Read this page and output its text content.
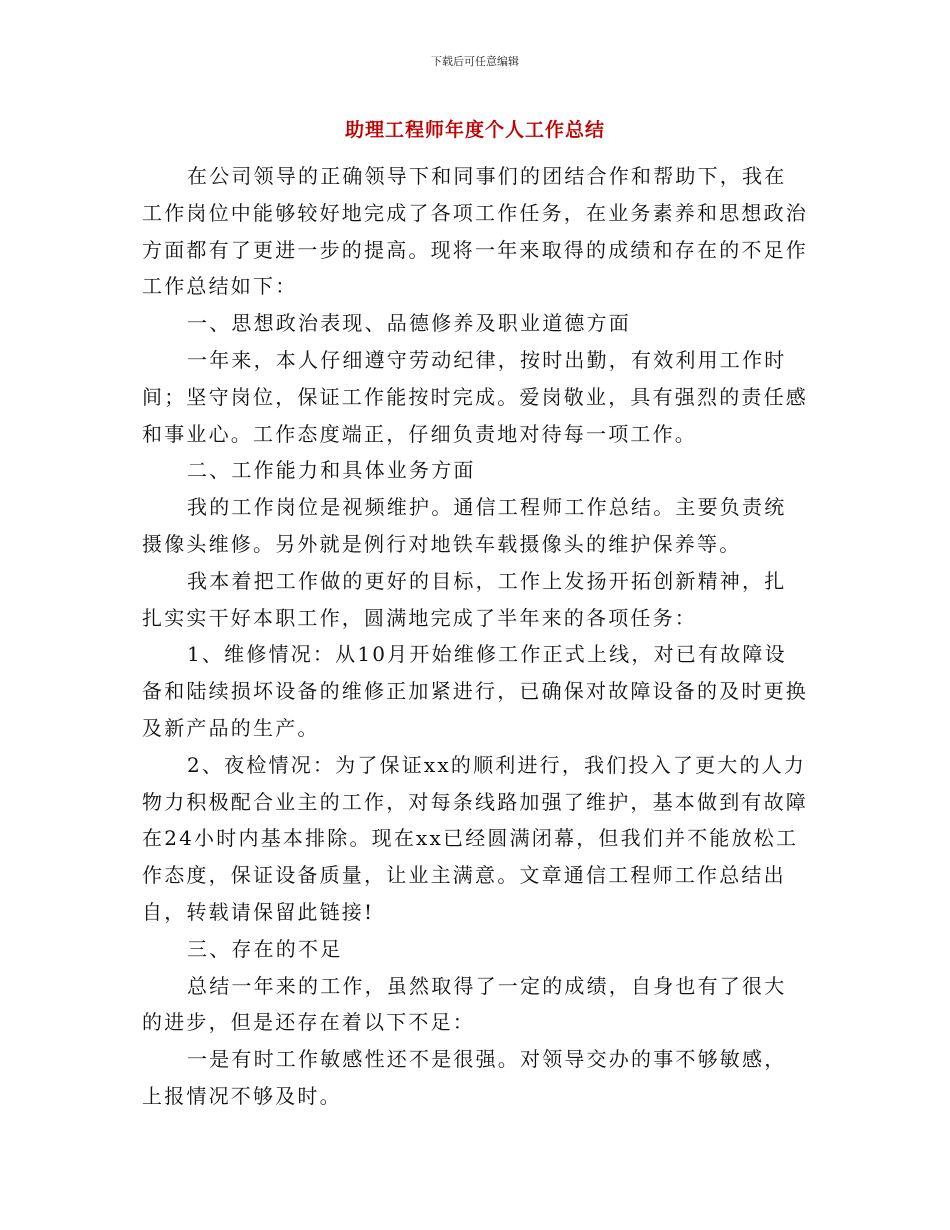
下载后可任意编辑
助理工程师年度个人工作总结

在公司领导的正确领导下和同事们的团结合作和帮助下，我在工作岗位中能够较好地完成了各项工作任务，在业务素养和思想政治方面都有了更进一步的提高。现将一年来取得的成绩和存在的不足作工作总结如下：

一、思想政治表现、品德修养及职业道德方面

一年来，本人仔细遵守劳动纪律，按时出勤，有效利用工作时间；坚守岗位，保证工作能按时完成。爱岗敬业，具有强烈的责任感和事业心。工作态度端正，仔细负责地对待每一项工作。

二、工作能力和具体业务方面

我的工作岗位是视频维护。通信工程师工作总结。主要负责统摄像头维修。另外就是例行对地铁车载摄像头的维护保养等。

我本着把工作做的更好的目标，工作上发扬开拓创新精神，扎扎实实干好本职工作，圆满地完成了半年来的各项任务：

1、维修情况：从10月开始维修工作正式上线，对已有故障设备和陆续损坏设备的维修正加紧进行，已确保对故障设备的及时更换及新产品的生产。

2、夜检情况：为了保证xx的顺利进行，我们投入了更大的人力物力积极配合业主的工作，对每条线路加强了维护，基本做到有故障在24小时内基本排除。现在xx已经圆满闭幕，但我们并不能放松工作态度，保证设备质量，让业主满意。文章通信工程师工作总结出自，转载请保留此链接!

三、存在的不足

总结一年来的工作，虽然取得了一定的成绩，自身也有了很大的进步，但是还存在着以下不足：

一是有时工作敏感性还不是很强。对领导交办的事不够敏感，上报情况不够及时。
